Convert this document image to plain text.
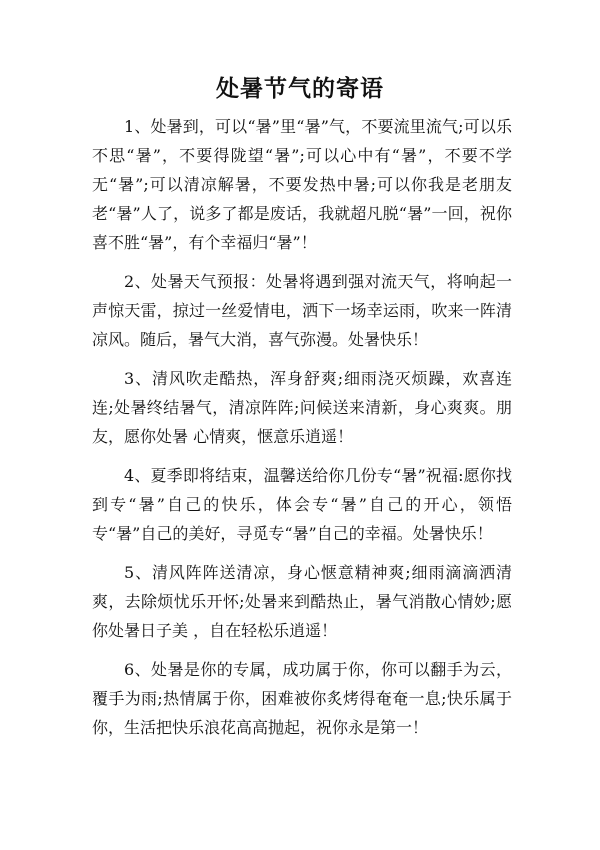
处暑节气的寄语

1、处暑到，可以“暑”里“暑”气，不要流里流气;可以乐不思“暑”，不要得陇望“暑”;可以心中有“暑”，不要不学无“暑”;可以清凉解暑，不要发热中暑;可以你我是老朋友老“暑”人了，说多了都是废话，我就超凡脱“暑”一回，祝你喜不胜“暑”，有个幸福归“暑”！

2、处暑天气预报：处暑将遇到强对流天气，将响起一声惊天雷，掠过一丝爱情电，洒下一场幸运雨，吹来一阵清凉风。随后，暑气大消，喜气弥漫。处暑快乐！

3、清风吹走酷热，浑身舒爽;细雨浇灭烦躁，欢喜连连;处暑终结暑气，清凉阵阵;问候送来清新，身心爽爽。朋友，愿你处暑 心情爽，惬意乐逍遥！

4、夏季即将结束，温馨送给你几份专“暑”祝福:愿你找到专“暑”自己的快乐，体会专“暑”自己的开心，领悟专“暑”自己的美好，寻觅专“暑”自己的幸福。处暑快乐！

5、清风阵阵送清凉，身心惬意精神爽;细雨滴滴洒清爽，去除烦忧乐开怀;处暑来到酷热止，暑气消散心情妙;愿你处暑日子美 ，自在轻松乐逍遥！

6、处暑是你的专属，成功属于你，你可以翻手为云，覆手为雨;热情属于你，困难被你炙烤得奄奄一息;快乐属于你，生活把快乐浪花高高抛起，祝你永是第一！
